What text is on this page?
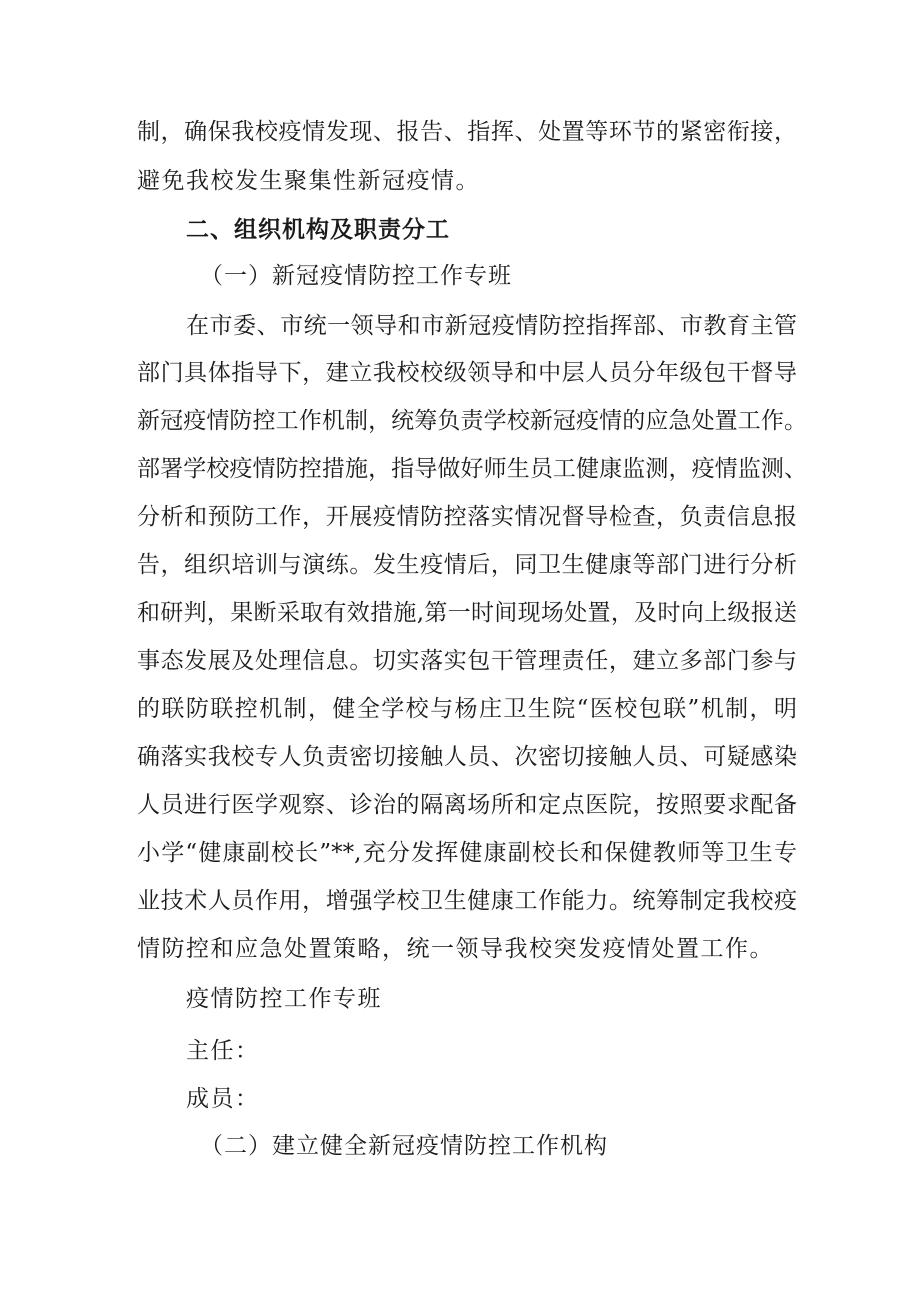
制，确保我校疫情发现、报告、指挥、处置等环节的紧密衔接，
避免我校发生聚集性新冠疫情。
二、组织机构及职责分工
（一）新冠疫情防控工作专班
在市委、市统一领导和市新冠疫情防控指挥部、市教育主管
部门具体指导下，建立我校校级领导和中层人员分年级包干督导
新冠疫情防控工作机制，统筹负责学校新冠疫情的应急处置工作。
部署学校疫情防控措施，指导做好师生员工健康监测，疫情监测、
分析和预防工作，开展疫情防控落实情况督导检查，负责信息报
告，组织培训与演练。发生疫情后，同卫生健康等部门进行分析
和研判，果断采取有效措施,第一时间现场处置，及时向上级报送
事态发展及处理信息。切实落实包干管理责任，建立多部门参与
的联防联控机制，健全学校与杨庄卫生院“医校包联”机制，明
确落实我校专人负责密切接触人员、次密切接触人员、可疑感染
人员进行医学观察、诊治的隔离场所和定点医院，按照要求配备
小学“健康副校长”**,充分发挥健康副校长和保健教师等卫生专
业技术人员作用，增强学校卫生健康工作能力。统筹制定我校疫
情防控和应急处置策略，统一领导我校突发疫情处置工作。
疫情防控工作专班
主任：
成员：
（二）建立健全新冠疫情防控工作机构
